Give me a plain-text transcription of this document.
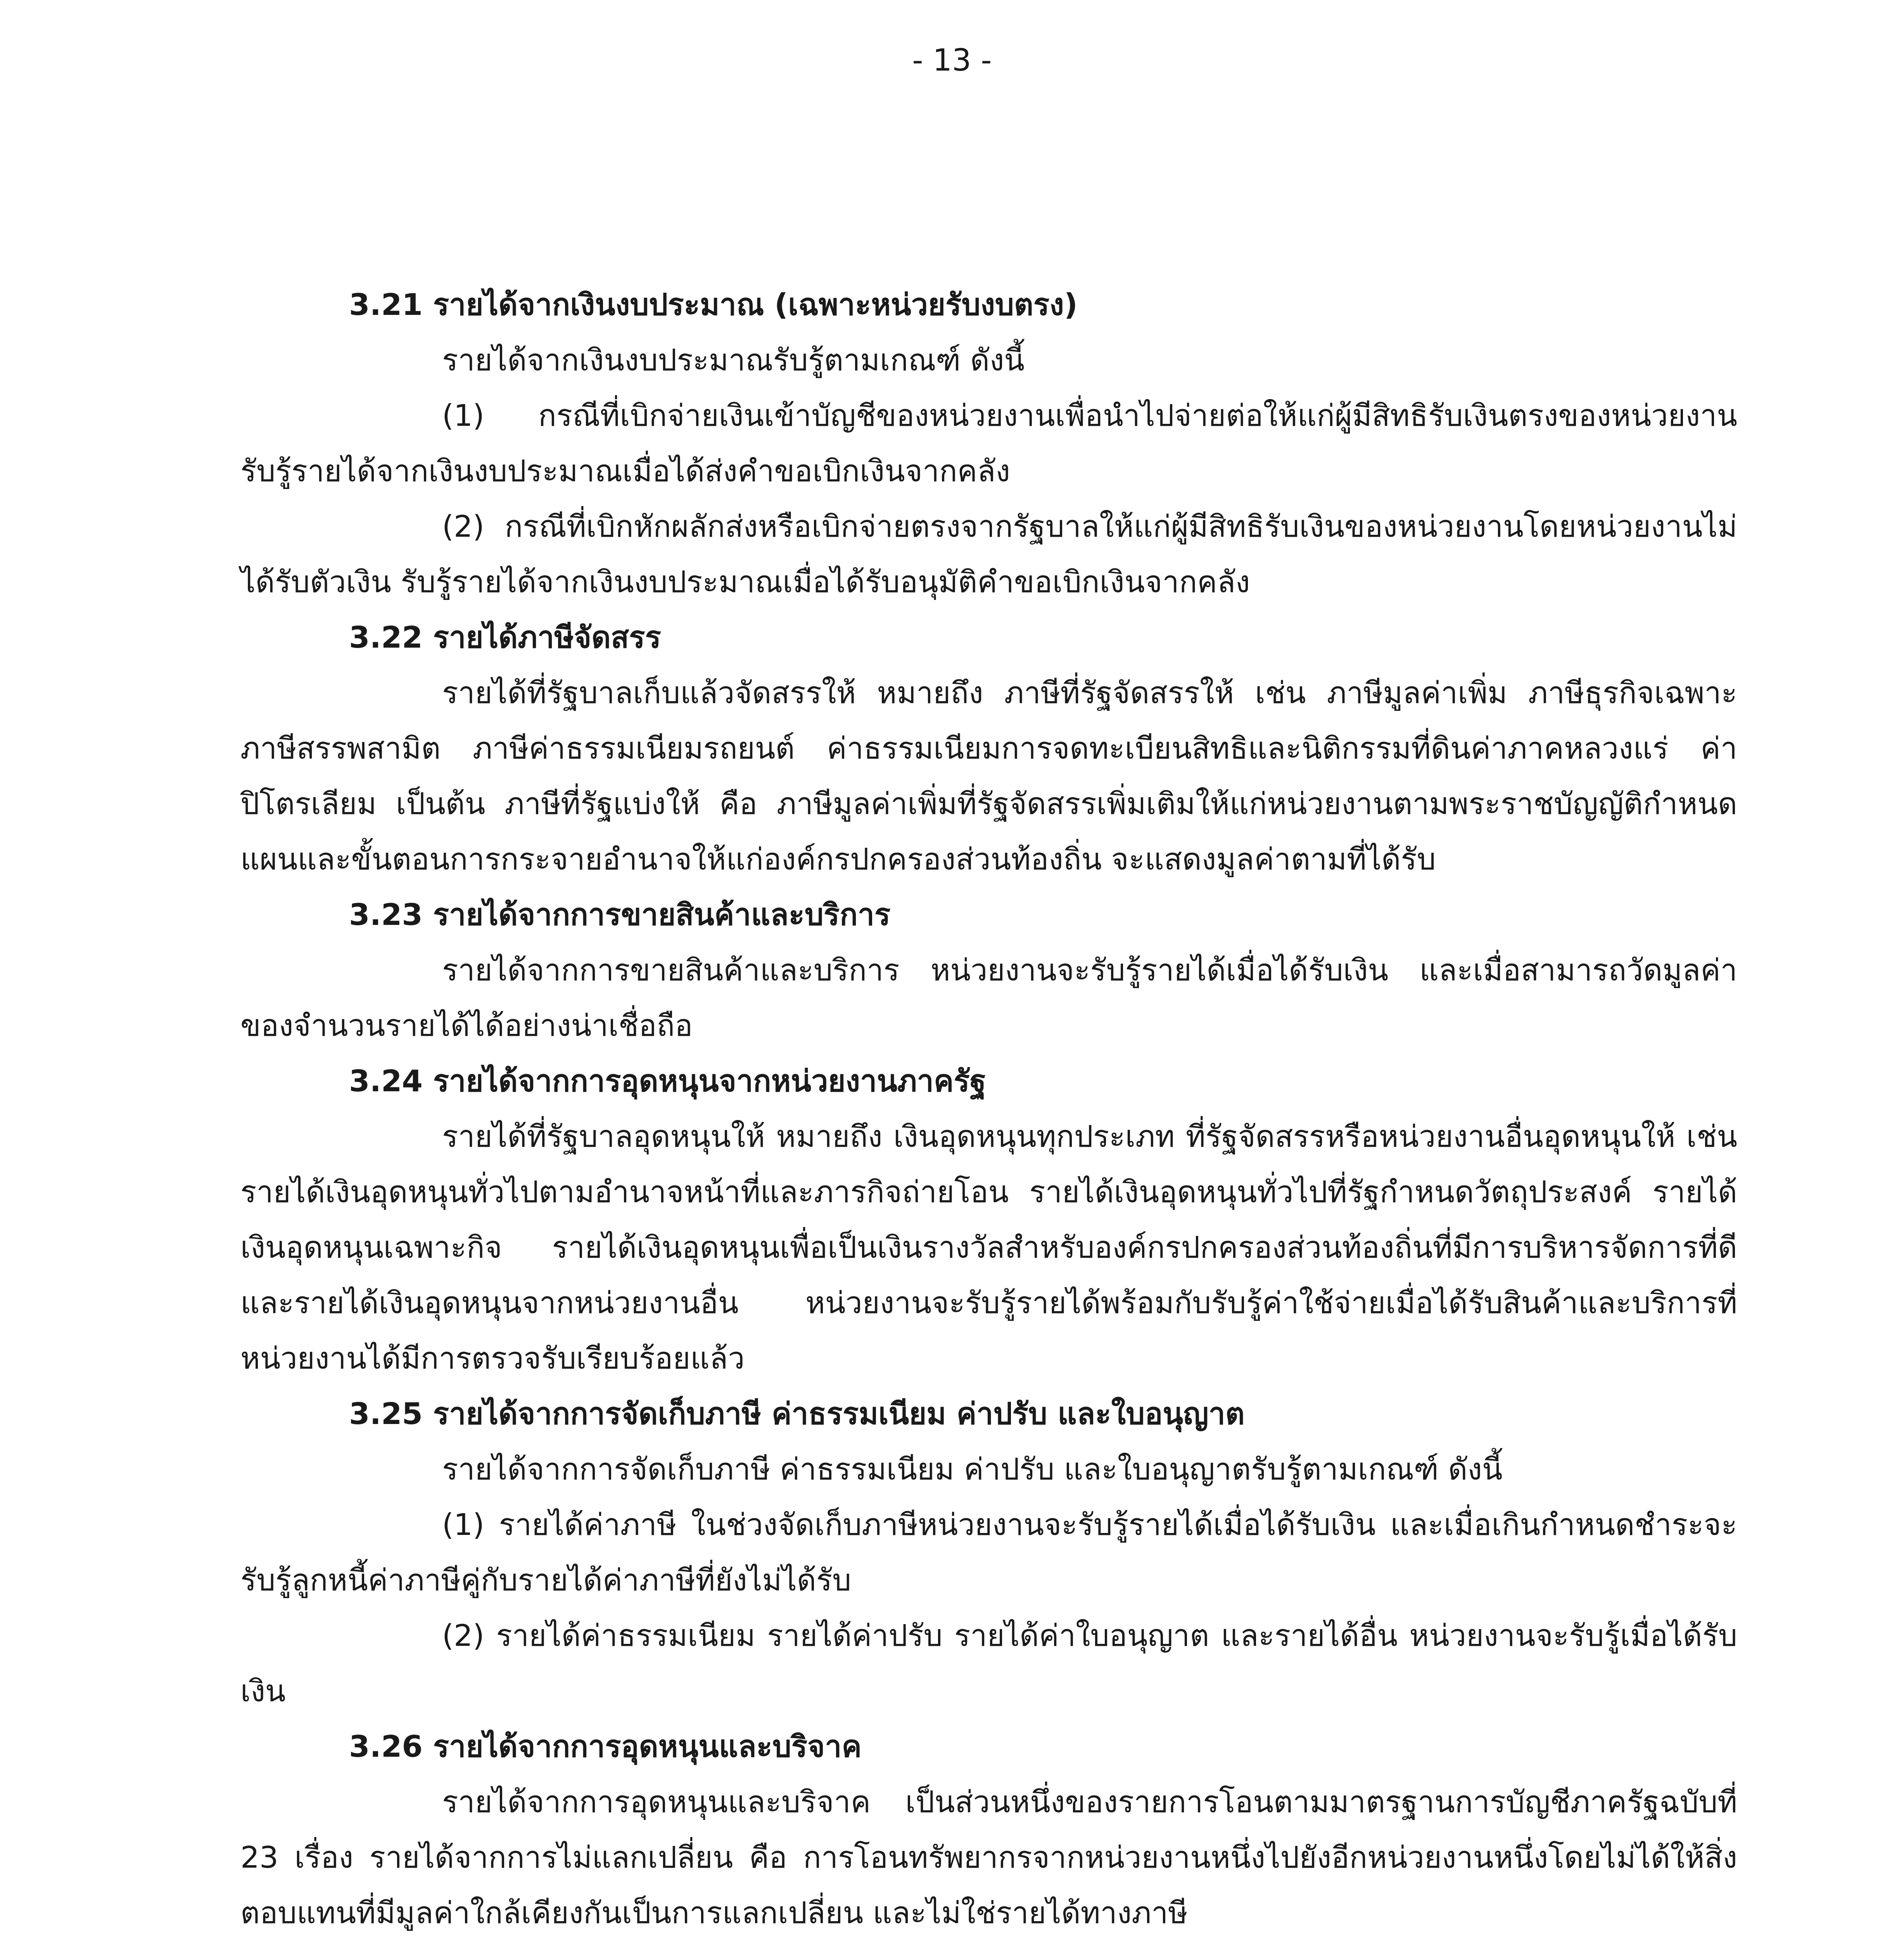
- 13 -
3.21 รายได้จากเงินงบประมาณ (เฉพาะหน่วยรับงบตรง)
รายได้จากเงินงบประมาณรับรู้ตามเกณฑ์ ดังนี้
(1) กรณีที่เบิกจ่ายเงินเข้าบัญชีของหน่วยงานเพื่อนำไปจ่ายต่อให้แก่ผู้มีสิทธิรับเงินตรงของหน่วยงาน รับรู้รายได้จากเงินงบประมาณเมื่อได้ส่งคำขอเบิกเงินจากคลัง
(2) กรณีที่เบิกหักผลักส่งหรือเบิกจ่ายตรงจากรัฐบาลให้แก่ผู้มีสิทธิรับเงินของหน่วยงานโดยหน่วยงานไม่ได้รับตัวเงิน รับรู้รายได้จากเงินงบประมาณเมื่อได้รับอนุมัติคำขอเบิกเงินจากคลัง
3.22 รายได้ภาษีจัดสรร
รายได้ที่รัฐบาลเก็บแล้วจัดสรรให้ หมายถึง ภาษีที่รัฐจัดสรรให้ เช่น ภาษีมูลค่าเพิ่ม ภาษีธุรกิจเฉพาะ ภาษีสรรพสามิต ภาษีค่าธรรมเนียมรถยนต์ ค่าธรรมเนียมการจดทะเบียนสิทธิและนิติกรรมที่ดินค่าภาคหลวงแร่ ค่าปิโตรเลียม เป็นต้น ภาษีที่รัฐแบ่งให้ คือ ภาษีมูลค่าเพิ่มที่รัฐจัดสรรเพิ่มเติมให้แก่หน่วยงานตามพระราชบัญญัติกำหนดแผนและขั้นตอนการกระจายอำนาจให้แก่องค์กรปกครองส่วนท้องถิ่น จะแสดงมูลค่าตามที่ได้รับ
3.23 รายได้จากการขายสินค้าและบริการ
รายได้จากการขายสินค้าและบริการ หน่วยงานจะรับรู้รายได้เมื่อได้รับเงิน และเมื่อสามารถวัดมูลค่าของจำนวนรายได้ได้อย่างน่าเชื่อถือ
3.24 รายได้จากการอุดหนุนจากหน่วยงานภาครัฐ
รายได้ที่รัฐบาลอุดหนุนให้ หมายถึง เงินอุดหนุนทุกประเภท ที่รัฐจัดสรรหรือหน่วยงานอื่นอุดหนุนให้ เช่น รายได้เงินอุดหนุนทั่วไปตามอำนาจหน้าที่และภารกิจถ่ายโอน รายได้เงินอุดหนุนทั่วไปที่รัฐกำหนดวัตถุประสงค์ รายได้เงินอุดหนุนเฉพาะกิจ รายได้เงินอุดหนุนเพื่อเป็นเงินรางวัลสำหรับองค์กรปกครองส่วนท้องถิ่นที่มีการบริหารจัดการที่ดี และรายได้เงินอุดหนุนจากหน่วยงานอื่น หน่วยงานจะรับรู้รายได้พร้อมกับรับรู้ค่าใช้จ่ายเมื่อได้รับสินค้าและบริการที่หน่วยงานได้มีการตรวจรับเรียบร้อยแล้ว
3.25 รายได้จากการจัดเก็บภาษี ค่าธรรมเนียม ค่าปรับ และใบอนุญาต
รายได้จากการจัดเก็บภาษี ค่าธรรมเนียม ค่าปรับ และใบอนุญาตรับรู้ตามเกณฑ์ ดังนี้
(1) รายได้ค่าภาษี ในช่วงจัดเก็บภาษีหน่วยงานจะรับรู้รายได้เมื่อได้รับเงิน และเมื่อเกินกำหนดชำระจะรับรู้ลูกหนี้ค่าภาษีคู่กับรายได้ค่าภาษีที่ยังไม่ได้รับ
(2) รายได้ค่าธรรมเนียม รายได้ค่าปรับ รายได้ค่าใบอนุญาต และรายได้อื่น หน่วยงานจะรับรู้เมื่อได้รับเงิน
3.26 รายได้จากการอุดหนุนและบริจาค
รายได้จากการอุดหนุนและบริจาค เป็นส่วนหนึ่งของรายการโอนตามมาตรฐานการบัญชีภาครัฐฉบับที่ 23 เรื่อง รายได้จากการไม่แลกเปลี่ยน คือ การโอนทรัพยากรจากหน่วยงานหนึ่งไปยังอีกหน่วยงานหนึ่งโดยไม่ได้ให้สิ่งตอบแทนที่มีมูลค่าใกล้เคียงกันเป็นการแลกเปลี่ยน และไม่ใช่รายได้ทางภาษี
